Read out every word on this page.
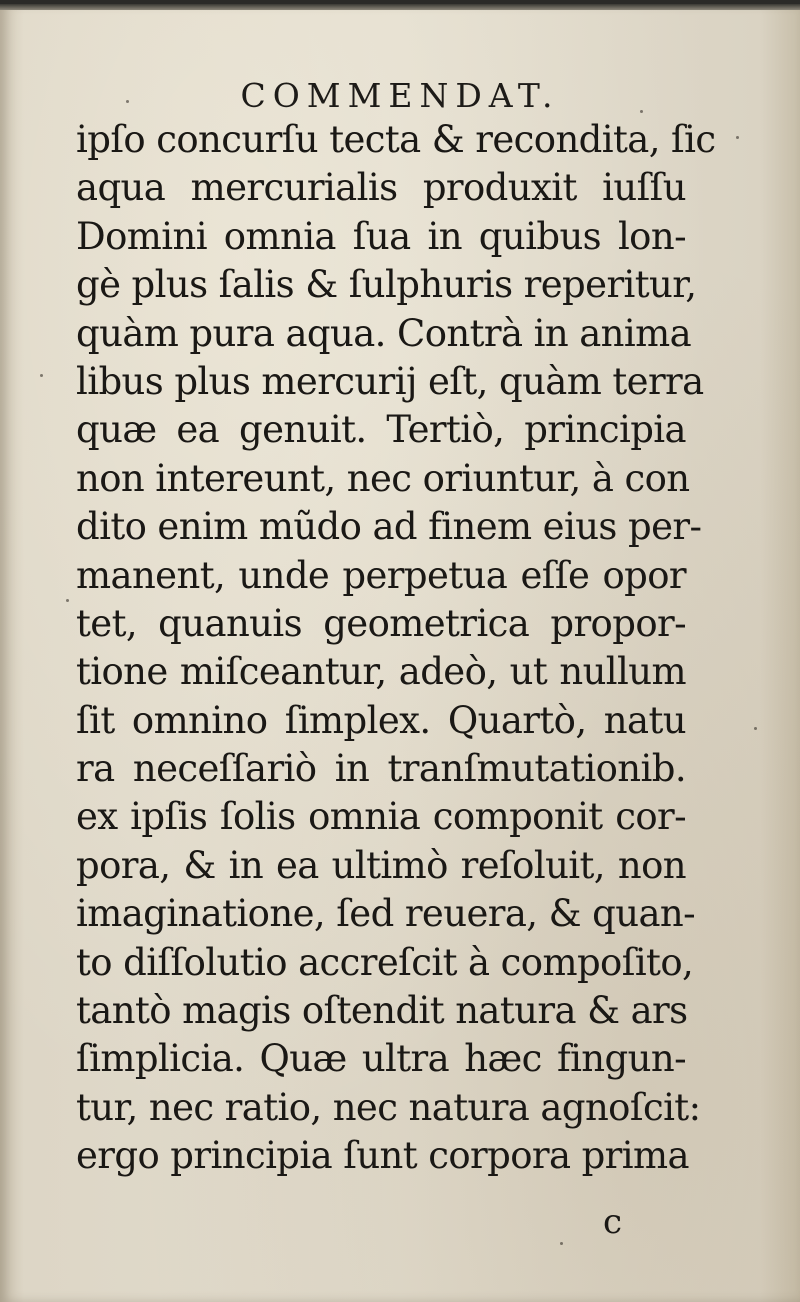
COMMENDAT.
ipſo concurſu tecta & recondita, ſic
aqua mercurialis produxit iuſſu
Domini omnia ſua in quibus lon-
gè plus ſalis & ſulphuris reperitur,
quàm pura aqua. Contrà in anima
libus plus mercurij eſt, quàm terra
quæ ea genuit. Tertiò, principia
non intereunt, nec oriuntur, à con
dito enim mũdo ad finem eius per-
manent, unde perpetua eſſe opor
tet, quanuis geometrica propor-
tione miſceantur, adeò, ut nullum
ſit omnino ſimplex. Quartò, natu
ra neceſſariò in tranſmutationib.
ex ipſis ſolis omnia componit cor-
pora, & in ea ultimò reſoluit, non
imaginatione, ſed reuera, & quan-
to diſſolutio accreſcit à compoſito,
tantò magis oſtendit natura & ars
ſimplicia. Quæ ultra hæc fingun-
tur, nec ratio, nec natura agnoſcit:
ergo principia ſunt corpora prima
c
